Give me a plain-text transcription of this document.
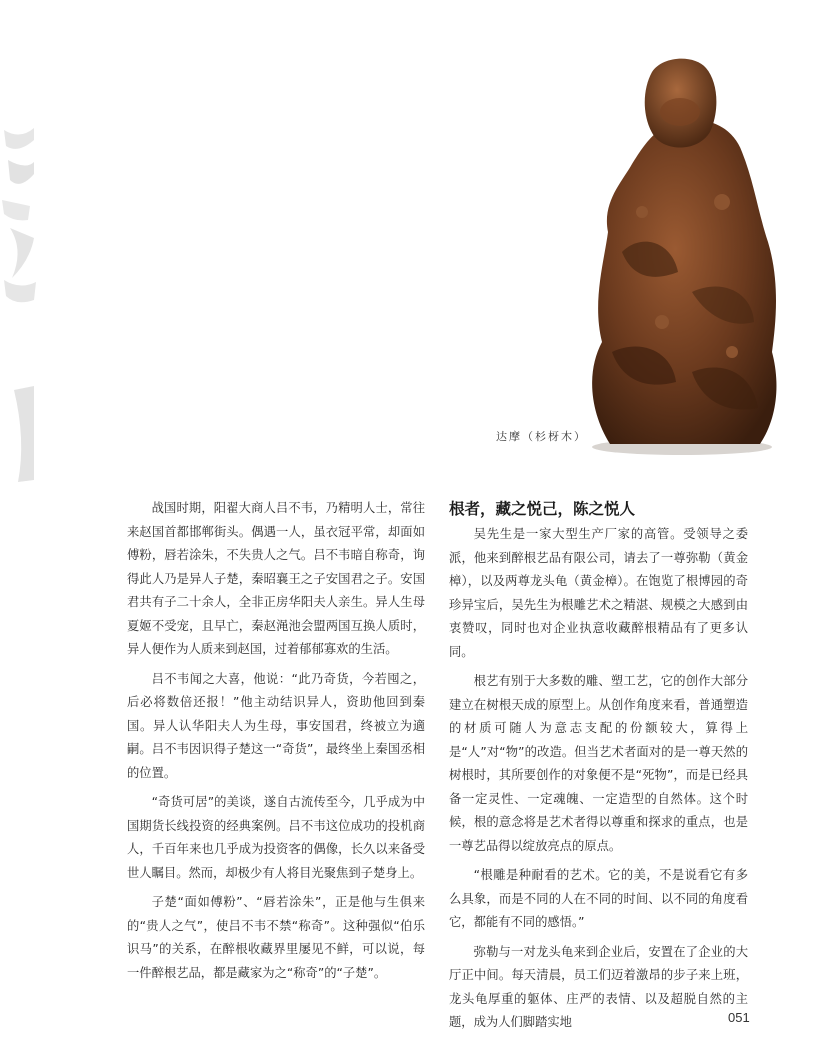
达摩（杉枒木）

战国时期，阳翟大商人吕不韦，乃精明人士，常往来赵国首都邯郸街头。偶遇一人，虽衣冠平常，却面如傅粉，唇若涂朱，不失贵人之气。吕不韦暗自称奇，询得此人乃是异人子楚，秦昭襄王之子安国君之子。安国君共有子二十余人，全非正房华阳夫人亲生。异人生母夏姬不受宠，且早亡，秦赵渑池会盟两国互换人质时，异人便作为人质来到赵国，过着郁郁寡欢的生活。

吕不韦闻之大喜，他说：“此乃奇货，今若囤之，后必将数倍还报！”他主动结识异人，资助他回到秦国。异人认华阳夫人为生母，事安国君，终被立为適嗣。吕不韦因识得子楚这一“奇货”，最终坐上秦国丞相的位置。

“奇货可居”的美谈，遂自古流传至今，几乎成为中国期货长线投资的经典案例。吕不韦这位成功的投机商人，千百年来也几乎成为投资客的偶像，长久以来备受世人瞩目。然而，却极少有人将目光聚焦到子楚身上。

子楚“面如傅粉”、“唇若涂朱”，正是他与生俱来的“贵人之气”，使吕不韦不禁“称奇”。这种强似“伯乐识马”的关系，在醉根收藏界里屡见不鲜，可以说，每一件醉根艺品，都是藏家为之“称奇”的“子楚”。

根者，藏之悦己，陈之悦人

吴先生是一家大型生产厂家的高管。受领导之委派，他来到醉根艺品有限公司，请去了一尊弥勒（黄金樟），以及两尊龙头龟（黄金樟）。在饱览了根博园的奇珍异宝后，吴先生为根雕艺术之精湛、规模之大感到由衷赞叹，同时也对企业执意收藏醉根精品有了更多认同。

根艺有别于大多数的雕、塑工艺，它的创作大部分建立在树根天成的原型上。从创作角度来看，普通塑造的材质可随人为意志支配的份额较大，算得上是“人”对“物”的改造。但当艺术者面对的是一尊天然的树根时，其所要创作的对象便不是“死物”，而是已经具备一定灵性、一定魂魄、一定造型的自然体。这个时候，根的意念将是艺术者得以尊重和探求的重点，也是一尊艺品得以绽放亮点的原点。

“根雕是种耐看的艺术。它的美，不是说看它有多么具象，而是不同的人在不同的时间、以不同的角度看它，都能有不同的感悟。”

弥勒与一对龙头龟来到企业后，安置在了企业的大厅正中间。每天清晨，员工们迈着激昂的步子来上班，龙头龟厚重的躯体、庄严的表情、以及超脱自然的主题，成为人们脚踏实地	051
